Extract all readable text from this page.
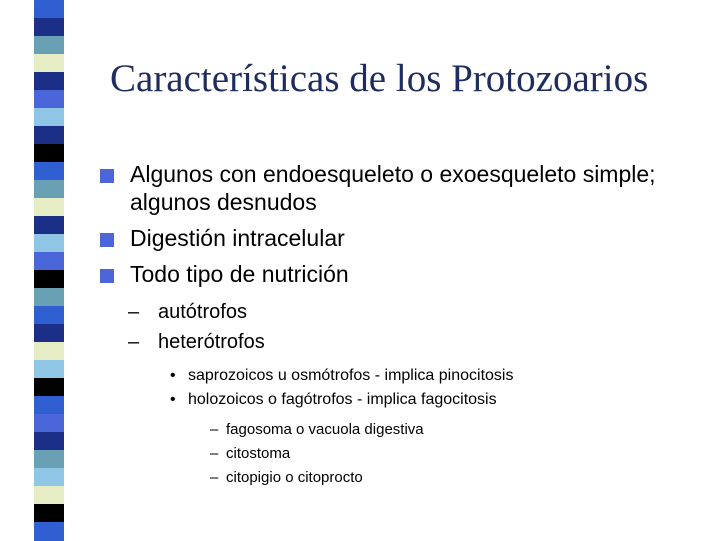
Características de los Protozoarios
Algunos con endoesqueleto o exoesqueleto simple; algunos desnudos
Digestión intracelular
Todo tipo de nutrición
– autótrofos
– heterótrofos
• saprozoicos u osmótrofos - implica pinocitosis
• holozoicos o fagótrofos - implica fagocitosis
– fagosoma o vacuola digestiva
– citostoma
– citopigio o citoprocto
